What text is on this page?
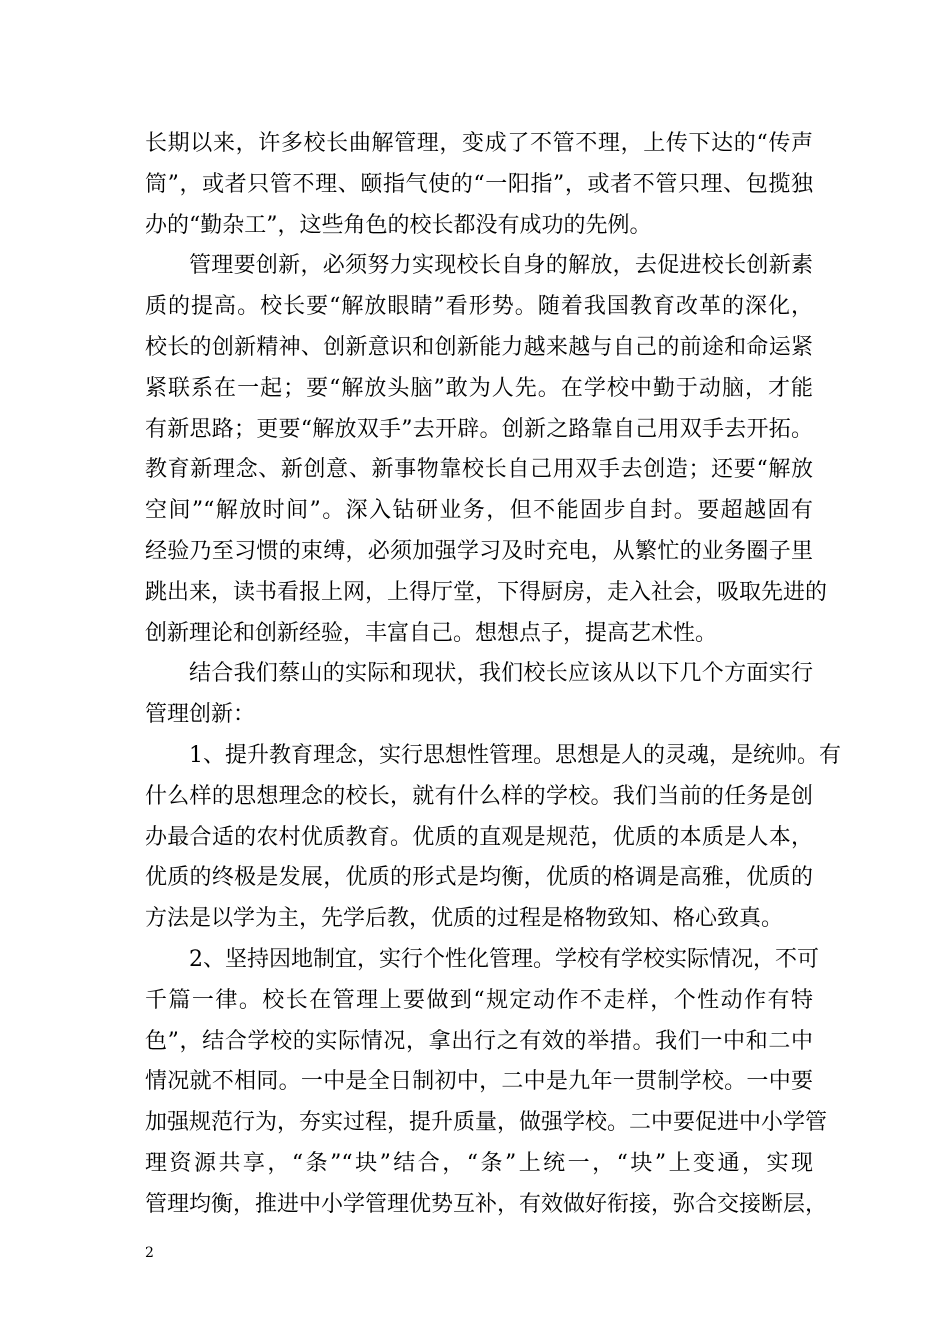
长期以来，许多校长曲解管理，变成了不管不理，上传下达的“传声
筒”，或者只管不理、颐指气使的“一阳指”，或者不管只理、包揽独
办的“勤杂工”，这些角色的校长都没有成功的先例。
管理要创新，必须努力实现校长自身的解放，去促进校长创新素
质的提高。校长要“解放眼睛”看形势。随着我国教育改革的深化，
校长的创新精神、创新意识和创新能力越来越与自己的前途和命运紧
紧联系在一起；要“解放头脑”敢为人先。在学校中勤于动脑，才能
有新思路；更要“解放双手”去开辟。创新之路靠自己用双手去开拓。
教育新理念、新创意、新事物靠校长自己用双手去创造；还要“解放
空间”“解放时间”。深入钻研业务，但不能固步自封。要超越固有
经验乃至习惯的束缚，必须加强学习及时充电，从繁忙的业务圈子里
跳出来，读书看报上网，上得厅堂，下得厨房，走入社会，吸取先进的
创新理论和创新经验，丰富自己。想想点子，提高艺术性。
结合我们蔡山的实际和现状，我们校长应该从以下几个方面实行
管理创新：
1、提升教育理念，实行思想性管理。思想是人的灵魂，是统帅。有
什么样的思想理念的校长，就有什么样的学校。我们当前的任务是创
办最合适的农村优质教育。优质的直观是规范，优质的本质是人本，
优质的终极是发展，优质的形式是均衡，优质的格调是高雅，优质的
方法是以学为主，先学后教，优质的过程是格物致知、格心致真。
2、坚持因地制宜，实行个性化管理。学校有学校实际情况，不可
千篇一律。校长在管理上要做到“规定动作不走样，个性动作有特
色”，结合学校的实际情况，拿出行之有效的举措。我们一中和二中
情况就不相同。一中是全日制初中，二中是九年一贯制学校。一中要
加强规范行为，夯实过程，提升质量，做强学校。二中要促进中小学管
理资源共享，“条”“块”结合，“条”上统一，“块”上变通，实现
管理均衡，推进中小学管理优势互补，有效做好衔接，弥合交接断层，
2
